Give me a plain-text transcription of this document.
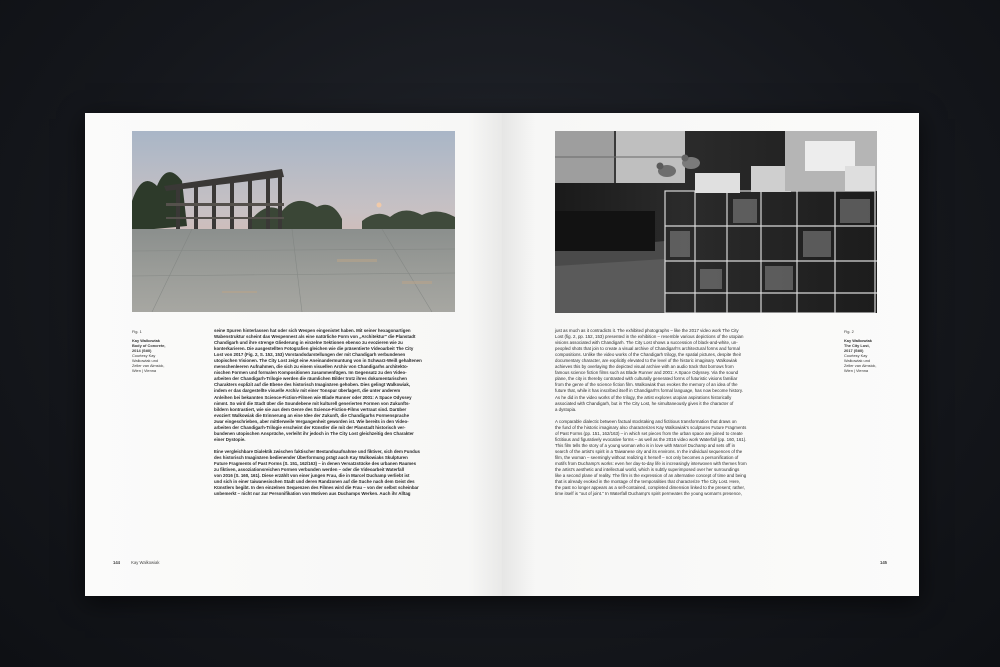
Fig. 1
Kay Walkowiak
Body of Concrete,
2014 (Still)
Courtesy Kay
Walkowiak und
Zeller van Almsick,
Wien | Vienna

seine Spuren hinterlassen hat oder sich Wespen eingenistet haben. Mit seiner hexagonartigen
Wabenstruktur scheint das Wespennest als eine natürliche Form von „Architektur" die Planstadt
Chandigarh und ihre strenge Gliederung in einzelne Sektionen ebenso zu evozieren wie zu
konterkarieren. Die ausgestellten Fotografien gleichen wie die präsentierte Videoarbeit The City
Lost von 2017 (Fig. 2, S. 152, 153) Vorstandsdarstellungen der mit Chandigarh verbundenen
utopischen Visionen. The City Lost zeigt eine Aneinandermuntung von in Schwarz-Weiß gehaltenen
menschenleeren Aufnahmen, die sich zu einem visuellen Archiv von Chandigarhs architekto-
nischen Formen und formalen Kompositionen zusammenfügen. Im Gegensatz zu den Video-
arbeiten der Chandigarh-Trilogie werden die räumlichen Bilder trotz ihres dokumentarischen
Charakters explizit auf die Ebene des historisch Imaginären gehoben. Dies gelingt Walkowiak,
indem er das dargestellte visuelle Archiv mit einer Tonspur überlagert, die unter anderem
Anleihen bei bekannten Science-Fiction-Filmen wie Blade Runner oder 2001: A Space Odyssey
nimmt. So wird die Stadt über die Soundebene mit kulturell generierten Formen von Zukunfts-
bildern kontrastiert, wie sie aus dem Genre des Science-Fiction-Films vertraut sind. Darüber
evoziert Walkowiak die Erinnerung an eine Idee der Zukunft, die Chandigarhs Formensprache
zwar eingeschrieben, aber mittlerweile Vergangenheit geworden ist. Wie bereits in den Video-
arbeiten der Chandigarh-Trilogie erscheint der Künstler die mit der Planstadt historisch ver-
bundenen utopischen Ansprüche, verleiht ihr jedoch in The City Lost gleichzeitig den Charakter
einer Dystopie.

Eine vergleichbare Dialektik zwischen faktischer Bestandsaufnahme und fiktiver, sich dem Fundus
des historisch Imaginären bedienender Überformung prägt auch Kay Walkowiaks Skulpturen
Future Fragments of Past Forms (S. 151, 162/163) – in denen Versatzstücke des urbanen Raumes
zu fiktiven, assoziationsreichen Formen verbunden werden – oder die Videoarbeit Waterfall
von 2016 (S. 160, 161). Diese erzählt von einer jungen Frau, die in Marcel Duchamp verliebt ist
und sich in einer taiwanesischen Stadt und deren Randzonen auf die Suche nach dem Geist des
Künstlers begibt. In den einzelnen Sequenzen des Filmes wird die Frau – von der selbst scheinbar
unbemerkt – nicht nur zur Personifikation von Motiven aus Duchamps Werken. Auch ihr Alltag

144	Kay Walkowiak

just as much as it contradicts it. The exhibited photographs – like the 2017 video work The City
Lost (fig. 2, pp. 152, 153) presented in the exhibition – resemble various depictions of the utopian
visions associated with Chandigarh. The City Lost shows a succession of black-and-white, un-
peopled shots that join to create a visual archive of Chandigarh's architectural forms and formal
compositions. Unlike the video works of the Chandigarh trilogy, the spatial pictures, despite their
documentary character, are explicitly elevated to the level of the historic imaginary. Walkowiak
achieves this by overlaying the depicted visual archive with an audio track that borrows from
famous science fiction films such as Blade Runner and 2001: A Space Odyssey. Via the sound
plane, the city is thereby contrasted with culturally generated forms of futuristic visions familiar
from the genre of the science fiction film. Walkowiak thus evokes the memory of an idea of the
future that, while it has inscribed itself in Chandigarh's formal language, has now become history.
As he did in the video works of the trilogy, the artist explores utopian aspirations historically
associated with Chandigarh, but in The City Lost, he simultaneously gives it the character of
a dystopia.

A comparable dialectic between factual stocktaking and fictitious transformation that draws on
the fund of the historic imaginary also characterizes Kay Walkowiak's sculptures Future Fragments
of Past Forms (pp. 151, 162/163) – in which set pieces from the urban space are joined to create
fictitious and figuratively evocative forms – as well as the 2016 video work Waterfall (pp. 160, 161).
This film tells the story of a young woman who is in love with Marcel Duchamp and sets off in
search of the artist's spirit in a Taiwanese city and its environs. In the individual sequences of the
film, the woman – seemingly without realizing it herself – not only becomes a personification of
motifs from Duchamp's works: even her day-to-day life is increasingly interwoven with themes from
the artist's aesthetic and intellectual world, which is subtly superimposed over her surroundings
like a second plane of reality. The film is the expression of an alternative concept of time and being
that is already evoked in the montage of the temporalities that characterize The City Lost. Here,
the past no longer appears as a self-contained, completed dimension linked to the present; rather,
time itself is "out of joint." In Waterfall Duchamp's spirit permeates the young woman's presence,

Fig. 2
Kay Walkowiak
The City Lost,
2017 (Still)
Courtesy Kay
Walkowiak und
Zeller van Almsick,
Wien | Vienna
145
